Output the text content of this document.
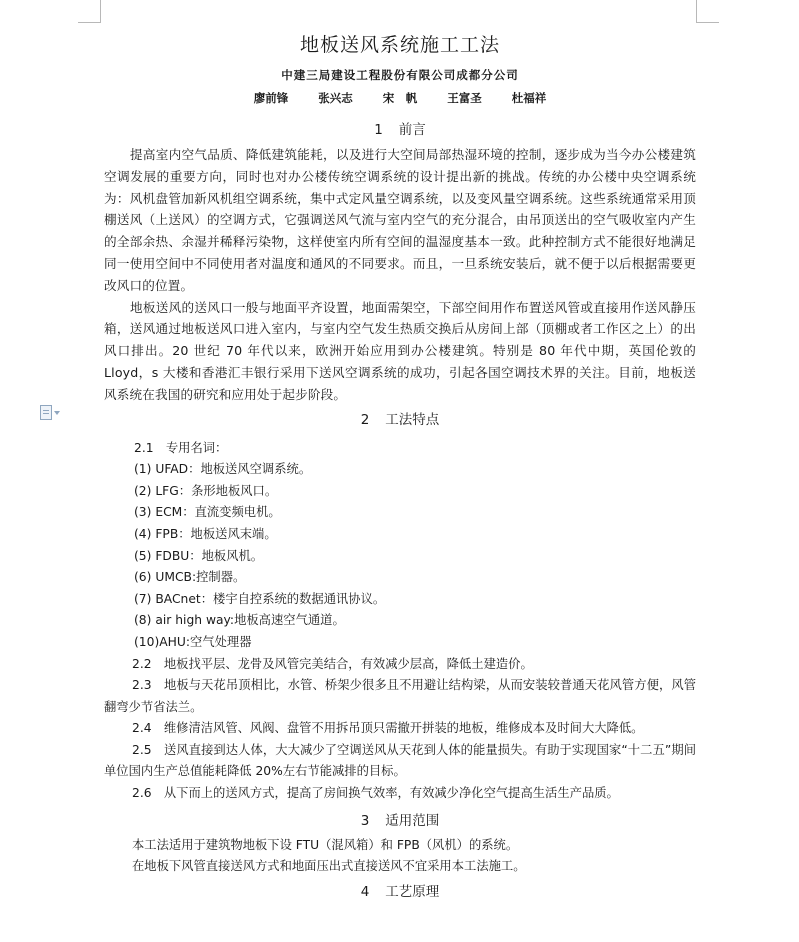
地板送风系统施工工法
中建三局建设工程股份有限公司成都分公司
廖前锋	张兴志	宋　帆	王富圣	杜福祥
1 前言

提高室内空气品质、降低建筑能耗，以及进行大空间局部热湿环境的控制，逐步成为当今办公楼建筑空调发展的重要方向，同时也对办公楼传统空调系统的设计提出新的挑战。传统的办公楼中央空调系统为：风机盘管加新风机组空调系统，集中式定风量空调系统，以及变风量空调系统。这些系统通常采用顶棚送风（上送风）的空调方式，它强调送风气流与室内空气的充分混合，由吊顶送出的空气吸收室内产生的全部余热、余湿并稀释污染物，这样使室内所有空间的温湿度基本一致。此种控制方式不能很好地满足同一使用空间中不同使用者对温度和通风的不同要求。而且，一旦系统安装后，就不便于以后根据需要更改风口的位置。

地板送风的送风口一般与地面平齐设置，地面需架空，下部空间用作布置送风管或直接用作送风静压箱，送风通过地板送风口进入室内，与室内空气发生热质交换后从房间上部（顶棚或者工作区之上）的出风口排出。20 世纪 70 年代以来，欧洲开始应用到办公楼建筑。特别是 80 年代中期，英国伦敦的 Lloyd，s 大楼和香港汇丰银行采用下送风空调系统的成功，引起各国空调技术界的关注。目前，地板送风系统在我国的研究和应用处于起步阶段。

2 工法特点

2.1　专用名词：

(1) UFAD：地板送风空调系统。

(2) LFG：条形地板风口。

(3) ECM：直流变频电机。

(4) FPB：地板送风末端。

(5) FDBU：地板风机。

(6) UMCB:控制器。

(7) BACnet：楼宇自控系统的数据通讯协议。

(8) air high way:地板高速空气通道。

(10)AHU:空气处理器

2.2　地板找平层、龙骨及风管完美结合，有效减少层高，降低土建造价。

2.3　地板与天花吊顶相比，水管、桥架少很多且不用避让结构梁，从而安装较普通天花风管方便，风管翻弯少节省法兰。

2.4　维修清洁风管、风阀、盘管不用拆吊顶只需撤开拼装的地板，维修成本及时间大大降低。

2.5　送风直接到达人体，大大减少了空调送风从天花到人体的能量损失。有助于实现国家“十二五”期间单位国内生产总值能耗降低 20%左右节能减排的目标。

2.6　从下而上的送风方式，提高了房间换气效率，有效减少净化空气提高生活生产品质。

3 适用范围

本工法适用于建筑物地板下设 FTU（混风箱）和 FPB（风机）的系统。

在地板下风管直接送风方式和地面压出式直接送风不宜采用本工法施工。

4 工艺原理
